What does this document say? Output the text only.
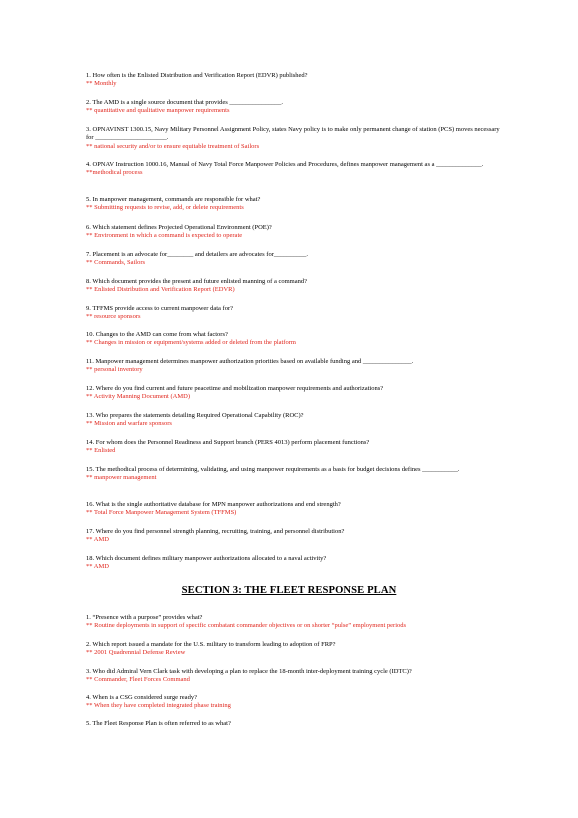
1. How often is the Enlisted Distribution and Verification Report (EDVR) published?
** Monthly
2. The AMD is a single source document that provides ________________.
** quantitative and qualitative manpower requirements
3. OPNAVINST 1300.15, Navy Military Personnel Assignment Policy, states Navy policy is to make only permanent change of station (PCS) moves necessary for ______________________.
** national security and/or to ensure equitable treatment of Sailors
4. OPNAV Instruction 1000.16, Manual of Navy Total Force Manpower Policies and Procedures, defines manpower management as a ______________.
**methodical process
5. In manpower management, commands are responsible for what?
** Submitting requests to revise, add, or delete requirements
6. Which statement defines Projected Operational Environment (POE)?
** Environment in which a command is expected to operate
7. Placement is an advocate for________ and detailers are advocates for__________.
** Commands, Sailors
8. Which document provides the present and future enlisted manning of a command?
** Enlisted Distribution and Verification Report (EDVR)
9. TFFMS provide access to current manpower data for?
** resource sponsors
10. Changes to the AMD can come from what factors?
** Changes in mission or equipment/systems added or deleted from the platform
11. Manpower management determines manpower authorization priorities based on available funding and _______________.
** personal inventory
12. Where do you find current and future peacetime and mobilization manpower requirements and authorizations?
** Activity Manning Document (AMD)
13. Who prepares the statements detailing Required Operational Capability (ROC)?
** Mission and warfare sponsors
14. For whom does the Personnel Readiness and Support branch (PERS 4013) perform placement functions?
** Enlisted
15. The methodical process of determining, validating, and using manpower requirements as a basis for budget decisions defines ___________.
** manpower management
16. What is the single authoritative database for MPN manpower authorizations and end strength?
** Total Force Manpower Management System (TFFMS)
17. Where do you find personnel strength planning, recruiting, training, and personnel distribution?
** AMD
18. Which document defines military manpower authorizations allocated to a naval activity?
** AMD
SECTION 3: THE FLEET RESPONSE PLAN
1. “Presence with a purpose” provides what?
** Routine deployments in support of specific combatant commander objectives or on shorter “pulse” employment periods
2. Which report issued a mandate for the U.S. military to transform leading to adoption of FRP?
** 2001 Quadrennial Defense Review
3. Who did Admiral Vern Clark task with developing a plan to replace the 18-month inter-deployment training cycle (IDTC)?
** Commander, Fleet Forces Command
4. When is a CSG considered surge ready?
** When they have completed integrated phase training
5. The Fleet Response Plan is often referred to as what?
